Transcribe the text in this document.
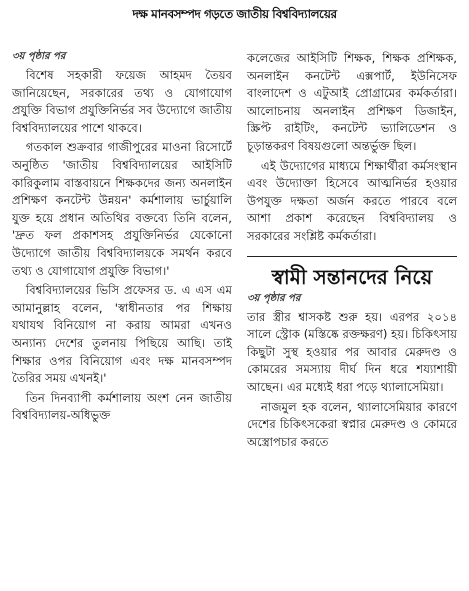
দক্ষ মানবসম্পদ গড়তে জাতীয় বিশ্ববিদ্যালয়ের

৩য় পৃষ্ঠার পর

বিশেষ সহকারী ফয়েজ আহমদ তৈয়ব জানিয়েছেন, সরকারের তথ্য ও যোগাযোগ প্রযুক্তি বিভাগ প্রযুক্তিনির্ভর সব উদ্যোগে জাতীয় বিশ্ববিদ্যালয়ের পাশে থাকবে।

গতকাল শুক্রবার গাজীপুরের মাওনা রিসোর্টে অনুষ্ঠিত 'জাতীয় বিশ্ববিদ্যালয়ের আইসিটি কারিকুলাম বাস্তবায়নে শিক্ষকদের জন্য অনলাইন প্রশিক্ষণ কনটেন্ট উন্নয়ন' কর্মশালায় ভার্চুয়ালি যুক্ত হয়ে প্রধান অতিথির বক্তব্যে তিনি বলেন, 'দ্রুত ফল প্রকাশসহ প্রযুক্তিনির্ভর যেকোনো উদ্যোগে জাতীয় বিশ্ববিদ্যালয়কে সমর্থন করবে তথ্য ও যোগাযোগ প্রযুক্তি বিভাগ।'

বিশ্ববিদ্যালয়ের ভিসি প্রফেসর ড. এ এস এম আমানুল্লাহ বলেন, 'স্বাধীনতার পর শিক্ষায় যথাযথ বিনিয়োগ না করায় আমরা এখনও অন্যান্য দেশের তুলনায় পিছিয়ে আছি। তাই শিক্ষার ওপর বিনিয়োগ এবং দক্ষ মানবসম্পদ তৈরির সময় এখনই।'

তিন দিনব্যাপী কর্মশালায় অংশ নেন জাতীয় বিশ্ববিদ্যালয়-অধিভুক্ত

কলেজের আইসিটি শিক্ষক, শিক্ষক প্রশিক্ষক, অনলাইন কনটেন্ট এক্সপার্ট, ইউনিসেফ বাংলাদেশ ও এটুআই প্রোগ্রামের কর্মকর্তারা। আলোচনায় অনলাইন প্রশিক্ষণ ডিজাইন, স্ক্রিপ্ট রাইটিং, কনটেন্ট ভ্যালিডেশন ও চূড়ান্তকরণ বিষয়গুলো অন্তর্ভুক্ত ছিল।

এই উদ্যোগের মাধ্যমে শিক্ষার্থীরা কর্মসংস্থান এবং উদ্যোক্তা হিসেবে আত্মনির্ভর হওয়ার উপযুক্ত দক্ষতা অর্জন করতে পারবে বলে আশা প্রকাশ করেছেন বিশ্ববিদ্যালয় ও সরকারের সংশ্লিষ্ট কর্মকর্তারা।

স্বামী সন্তানদের নিয়ে

৩য় পৃষ্ঠার পর

তার স্ত্রীর শ্বাসকষ্ট শুরু হয়। এরপর ২০১৪ সালে স্ট্রোক (মস্তিষ্কে রক্তক্ষরণ) হয়। চিকিৎসায় কিছুটা সুস্থ হওয়ার পর আবার মেরুদণ্ড ও কোমরের সমস্যায় দীর্ঘ দিন ধরে শয্যাশায়ী আছেন। এর মধ্যেই ধরা পড়ে থ্যালাসেমিয়া।

নাজমুল হক বলেন, থ্যালাসেমিয়ার কারণে দেশের চিকিৎসকেরা স্বপ্নার মেরুদণ্ড ও কোমরে অস্ত্রোপচার করতে
